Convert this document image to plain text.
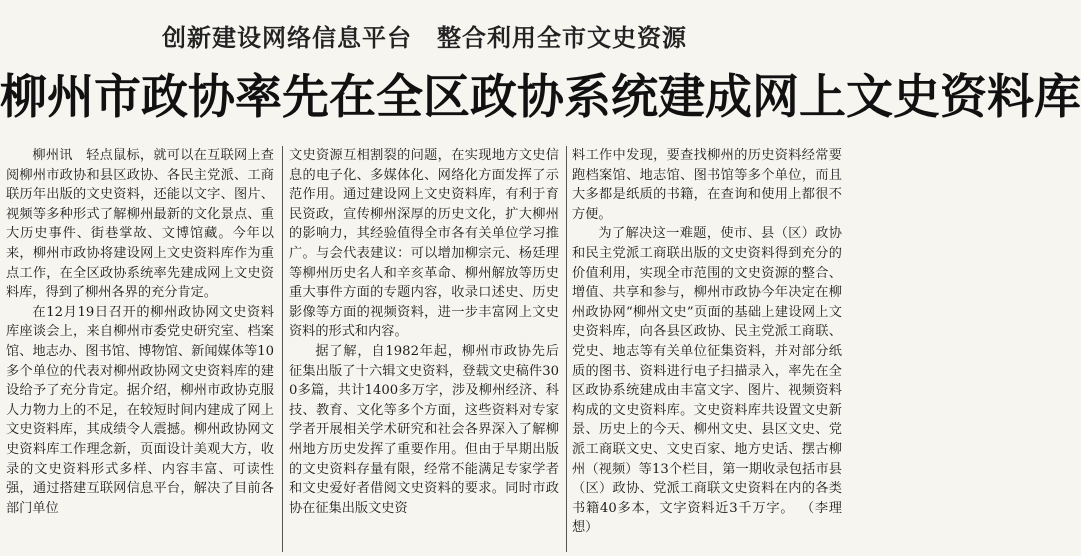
创新建设网络信息平台　整合利用全市文史资源
柳州市政协率先在全区政协系统建成网上文史资料库

柳州讯　轻点鼠标，就可以在互联网上查阅柳州市政协和县区政协、各民主党派、工商联历年出版的文史资料，还能以文字、图片、视频等多种形式了解柳州最新的文化景点、重大历史事件、街巷掌故、文博馆藏。今年以来，柳州市政协将建设网上文史资料库作为重点工作，在全区政协系统率先建成网上文史资料库，得到了柳州各界的充分肯定。

在12月19日召开的柳州政协网文史资料库座谈会上，来自柳州市委党史研究室、档案馆、地志办、图书馆、博物馆、新闻媒体等10多个单位的代表对柳州政协网文史资料库的建设给予了充分肯定。据介绍，柳州市政协克服人力物力上的不足，在较短时间内建成了网上文史资料库，其成绩令人震撼。柳州政协网文史资料库工作理念新，页面设计美观大方，收录的文史资料形式多样、内容丰富、可读性强，通过搭建互联网信息平台，解决了目前各部门单位

文史资源互相割裂的问题，在实现地方文史信息的电子化、多媒体化、网络化方面发挥了示范作用。通过建设网上文史资料库，有利于育民资政，宣传柳州深厚的历史文化，扩大柳州的影响力，其经验值得全市各有关单位学习推广。与会代表建议：可以增加柳宗元、杨廷理等柳州历史名人和辛亥革命、柳州解放等历史重大事件方面的专题内容，收录口述史、历史影像等方面的视频资料，进一步丰富网上文史资料的形式和内容。

据了解，自1982年起，柳州市政协先后征集出版了十六辑文史资料，登载文史稿件300多篇，共计1400多万字，涉及柳州经济、科技、教育、文化等多个方面，这些资料对专家学者开展相关学术研究和社会各界深入了解柳州地方历史发挥了重要作用。但由于早期出版的文史资料存量有限，经常不能满足专家学者和文史爱好者借阅文史资料的要求。同时市政协在征集出版文史资

料工作中发现，要查找柳州的历史资料经常要跑档案馆、地志馆、图书馆等多个单位，而且大多都是纸质的书籍，在查询和使用上都很不方便。

为了解决这一难题，使市、县（区）政协和民主党派工商联出版的文史资料得到充分的价值利用，实现全市范围的文史资源的整合、增值、共享和参与，柳州市政协今年决定在柳州政协网“柳州文史”页面的基础上建设网上文史资料库，向各县区政协、民主党派工商联、党史、地志等有关单位征集资料，并对部分纸质的图书、资料进行电子扫描录入，率先在全区政协系统建成由丰富文字、图片、视频资料构成的文史资料库。文史资料库共设置文史新景、历史上的今天、柳州文史、县区文史、党派工商联文史、文史百家、地方史话、摆古柳州（视频）等13个栏目，第一期收录包括市县（区）政协、党派工商联文史资料在内的各类书籍40多本，文字资料近3千万字。 （李理想）
